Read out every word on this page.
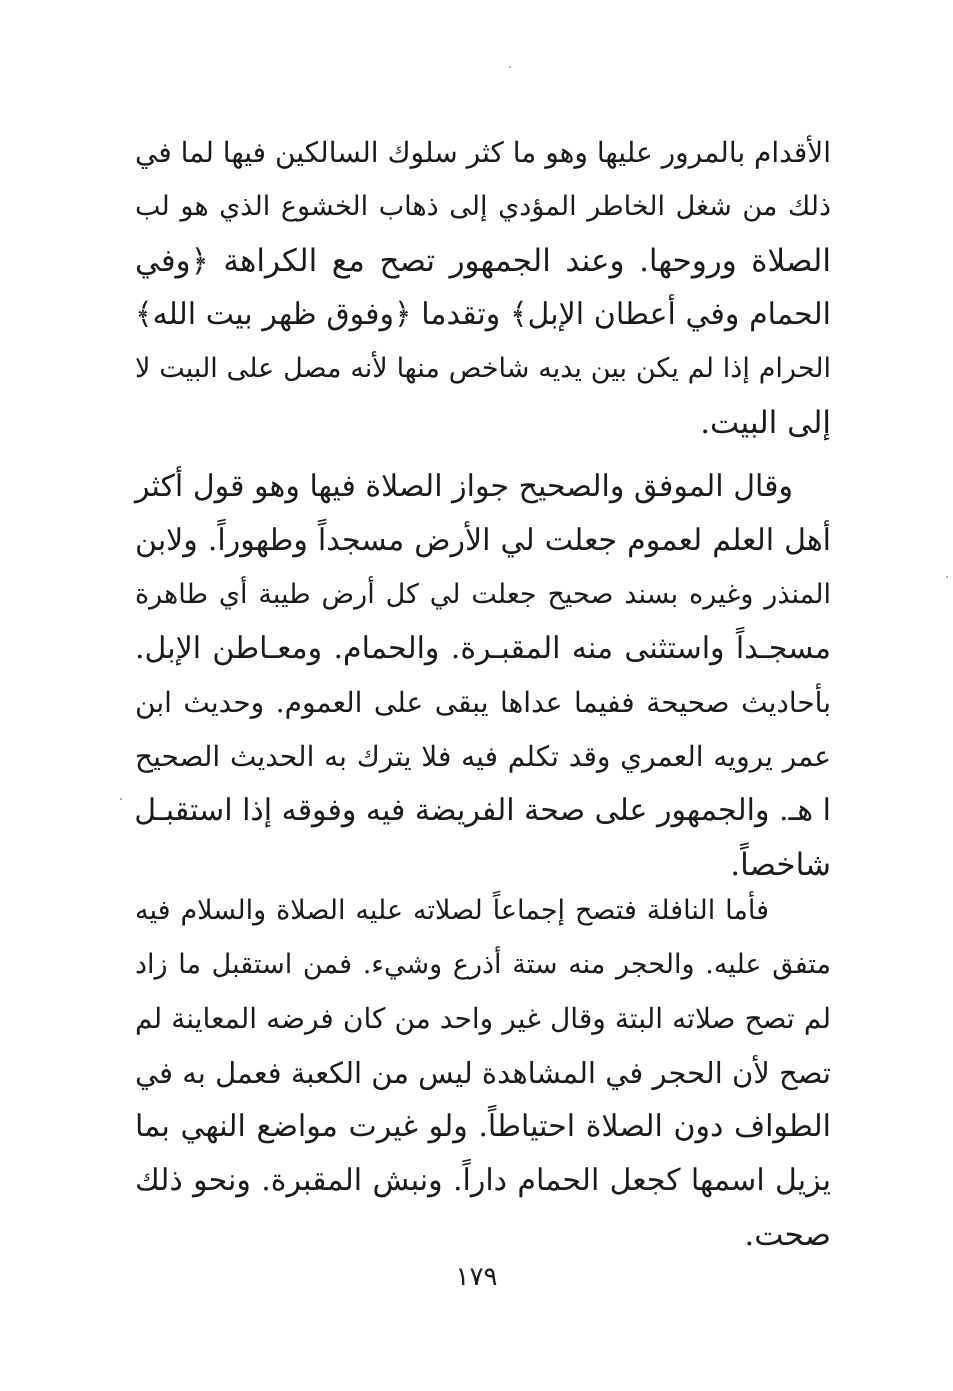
الأقدام بالمرور عليها وهو ما كثر سلوك السالكين فيها لما في
ذلك من شغل الخاطر المؤدي إلى ذهاب الخشوع الذي هو لب
الصلاة وروحها. وعند الجمهور تصح مع الكراهة ﴿وفي
الحمام وفي أعطان الإبل﴾ وتقدما ﴿وفوق ظهر بيت الله﴾
الحرام إذا لم يكن بين يديه شاخص منها لأنه مصل على البيت لا
إلى البيت.
وقال الموفق والصحيح جواز الصلاة فيها وهو قول أكثر
أهل العلم لعموم جعلت لي الأرض مسجداً وطهوراً. ولابن
المنذر وغيره بسند صحيح جعلت لي كل أرض طيبة أي طاهرة
مسجـداً واستثنى منه المقبـرة. والحمام. ومعـاطن الإبل.
بأحاديث صحيحة ففيما عداها يبقى على العموم. وحديث ابن
عمر يرويه العمري وقد تكلم فيه فلا يترك به الحديث الصحيح
ا هـ. والجمهور على صحة الفريضة فيه وفوقه إذا استقبـل
شاخصاً.
فأما النافلة فتصح إجماعاً لصلاته عليه الصلاة والسلام فيه
متفق عليه. والحجر منه ستة أذرع وشيء. فمن استقبل ما زاد
لم تصح صلاته البتة وقال غير واحد من كان فرضه المعاينة لم
تصح لأن الحجر في المشاهدة ليس من الكعبة فعمل به في
الطواف دون الصلاة احتياطاً. ولو غيرت مواضع النهي بما
يزيل اسمها كجعل الحمام داراً. ونبش المقبرة. ونحو ذلك
صحت.
١٧٩
